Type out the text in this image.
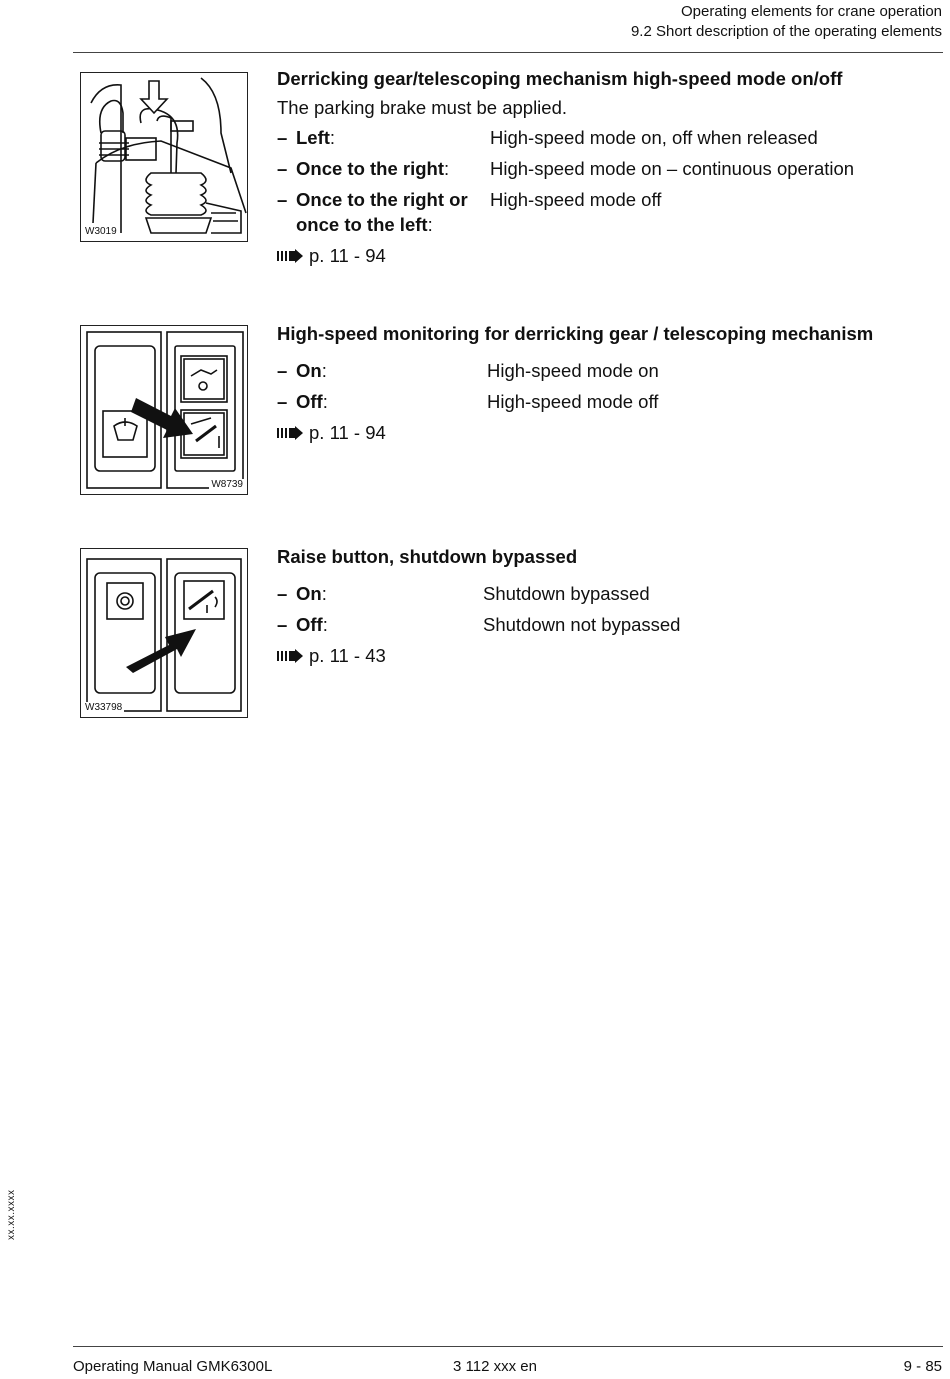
Operating elements for crane operation
9.2 Short description of the operating elements
W3019
Derricking gear/telescoping mechanism high-speed mode on/off
The parking brake must be applied.
– Left:	High-speed mode on, off when released
– Once to the right:	High-speed mode on – continuous operation
– Once to the right or once to the left:
High-speed mode off
p. 11 - 94
W8739
High-speed monitoring for derricking gear / telescoping mechanism
– On:	High-speed mode on
– Off:	High-speed mode off
p. 11 - 94
W33798
Raise button, shutdown bypassed
– On:	Shutdown bypassed
– Off:	Shutdown not bypassed
p. 11 - 43
xx.xx.xxxx
Operating Manual GMK6300L	3 112 xxx en	9 - 85
